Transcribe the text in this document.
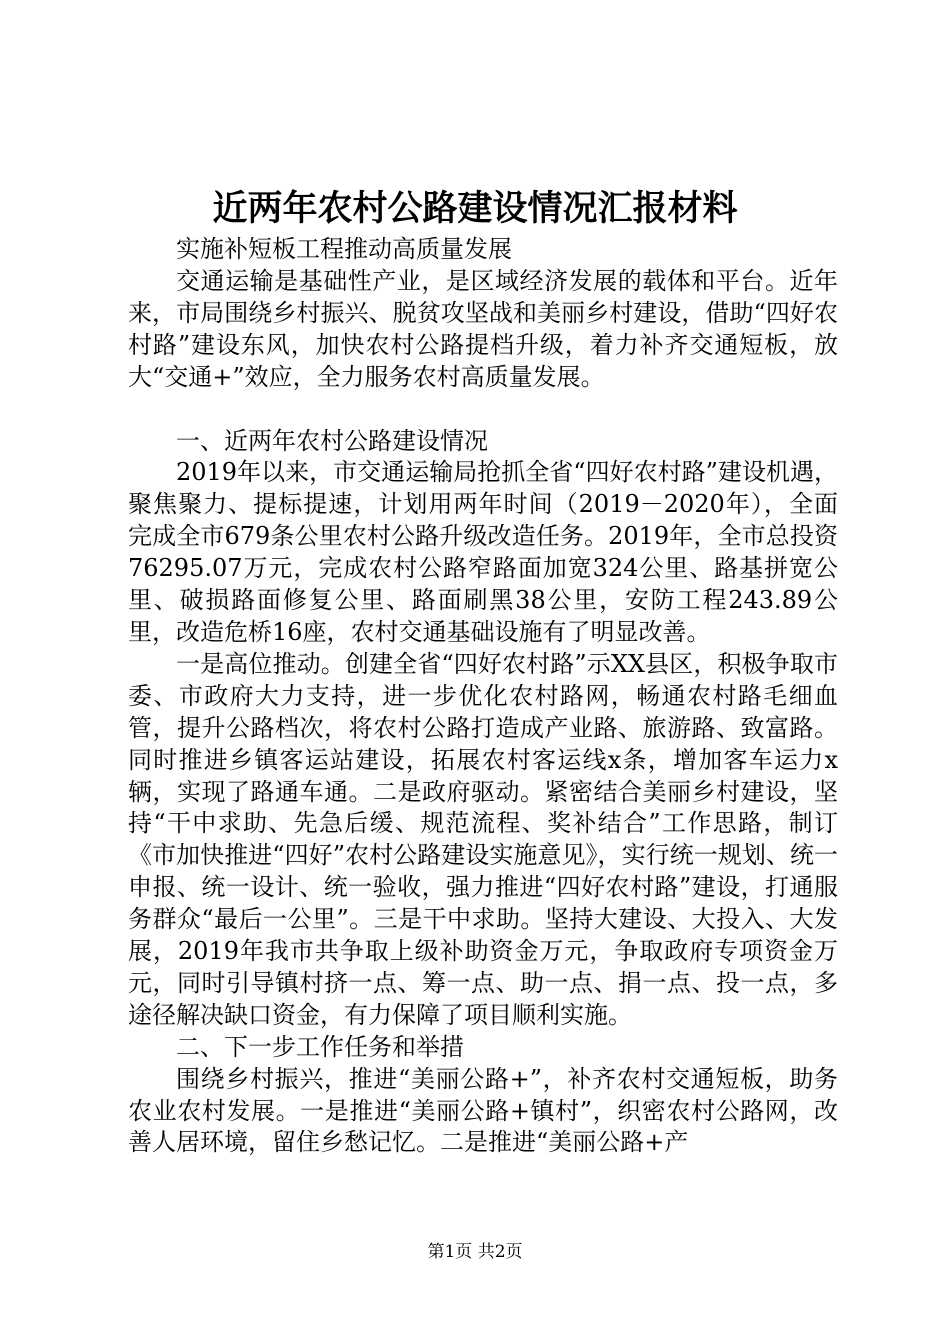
近两年农村公路建设情况汇报材料

实施补短板工程推动高质量发展

交通运输是基础性产业，是区域经济发展的载体和平台。近年来，市局围绕乡村振兴、脱贫攻坚战和美丽乡村建设，借助“四好农村路”建设东风，加快农村公路提档升级，着力补齐交通短板，放大“交通+”效应，全力服务农村高质量发展。

一、近两年农村公路建设情况

2019年以来，市交通运输局抢抓全省“四好农村路”建设机遇，聚焦聚力、提标提速，计划用两年时间（2019－2020年），全面完成全市679条公里农村公路升级改造任务。2019年，全市总投资76295.07万元，完成农村公路窄路面加宽324公里、路基拼宽公里、破损路面修复公里、路面刷黑38公里，安防工程243.89公里，改造危桥16座，农村交通基础设施有了明显改善。

一是高位推动。创建全省“四好农村路”示XX县区，积极争取市委、市政府大力支持，进一步优化农村路网，畅通农村路毛细血管，提升公路档次，将农村公路打造成产业路、旅游路、致富路。同时推进乡镇客运站建设，拓展农村客运线x条，增加客车运力x辆，实现了路通车通。二是政府驱动。紧密结合美丽乡村建设，坚持“干中求助、先急后缓、规范流程、奖补结合”工作思路，制订《市加快推进“四好”农村公路建设实施意见》，实行统一规划、统一申报、统一设计、统一验收，强力推进“四好农村路”建设，打通服务群众“最后一公里”。三是干中求助。坚持大建设、大投入、大发展，2019年我市共争取上级补助资金万元，争取政府专项资金万元，同时引导镇村挤一点、筹一点、助一点、捐一点、投一点，多途径解决缺口资金，有力保障了项目顺利实施。

二、下一步工作任务和举措

围绕乡村振兴，推进“美丽公路+”，补齐农村交通短板，助务农业农村发展。一是推进“美丽公路+镇村”，织密农村公路网，改善人居环境，留住乡愁记忆。二是推进“美丽公路+产

第1页 共2页
